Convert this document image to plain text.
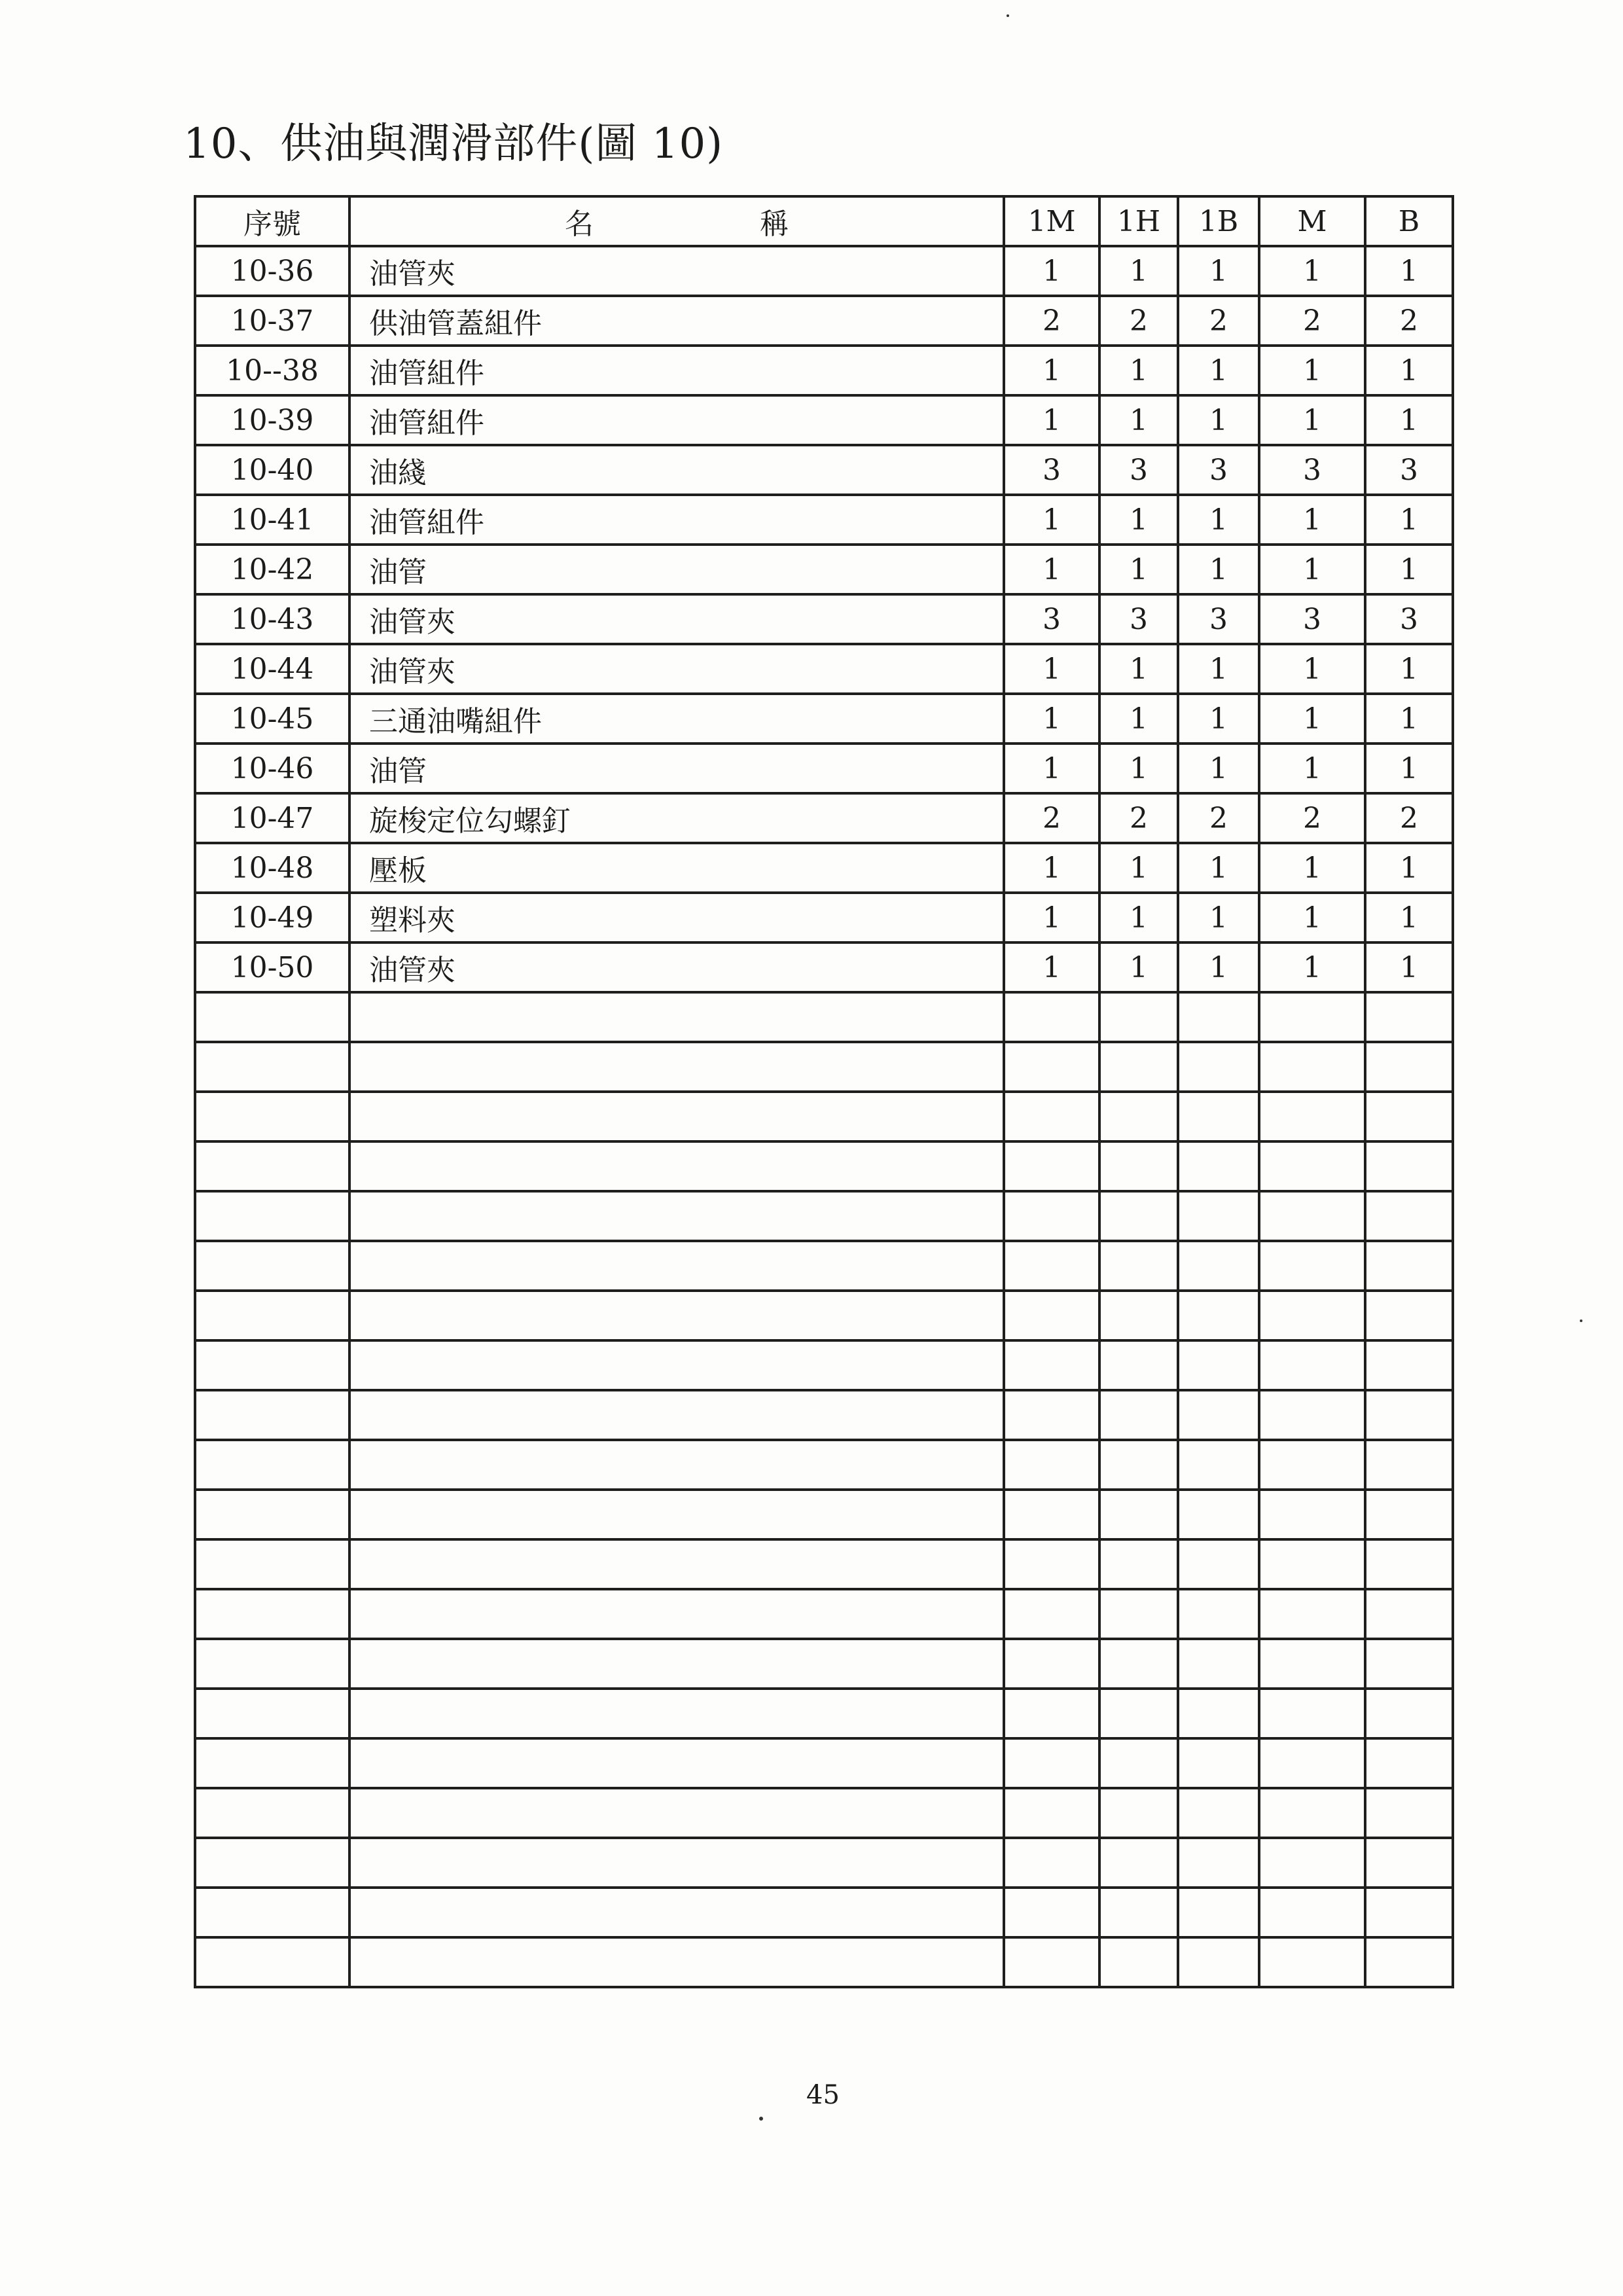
10、供油與潤滑部件(圖 10)
序號	名 稱	1M	1H	1B	M	B
10-36	油管夾	1	1	1	1	1
10-37	供油管蓋組件	2	2	2	2	2
10--38	油管組件	1	1	1	1	1
10-39	油管組件	1	1	1	1	1
10-40	油綫	3	3	3	3	3
10-41	油管組件	1	1	1	1	1
10-42	油管	1	1	1	1	1
10-43	油管夾	3	3	3	3	3
10-44	油管夾	1	1	1	1	1
10-45	三通油嘴組件	1	1	1	1	1
10-46	油管	1	1	1	1	1
10-47	旋梭定位勾螺釘	2	2	2	2	2
10-48	壓板	1	1	1	1	1
10-49	塑料夾	1	1	1	1	1
10-50	油管夾	1	1	1	1	1

45
